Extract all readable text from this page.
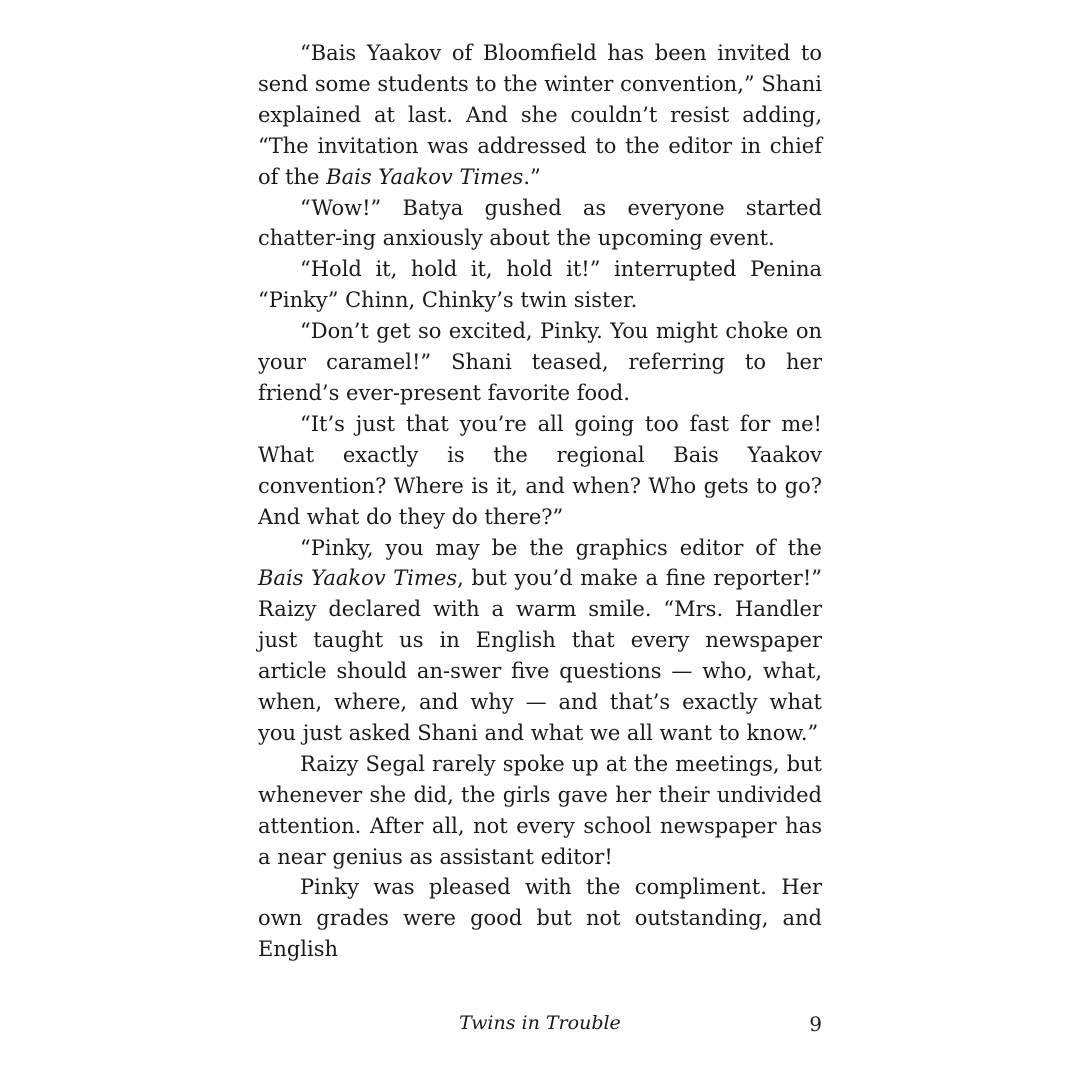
“Bais Yaakov of Bloomfield has been invited to send some students to the winter convention,” Shani explained at last. And she couldn’t resist adding, “The invitation was addressed to the editor in chief of the Bais Yaakov Times.”

“Wow!” Batya gushed as everyone started chatter-ing anxiously about the upcoming event.

“Hold it, hold it, hold it!” interrupted Penina “Pinky” Chinn, Chinky’s twin sister.

“Don’t get so excited, Pinky. You might choke on your caramel!” Shani teased, referring to her friend’s ever-present favorite food.

“It’s just that you’re all going too fast for me! What exactly is the regional Bais Yaakov convention? Where is it, and when? Who gets to go? And what do they do there?”

“Pinky, you may be the graphics editor of the Bais Yaakov Times, but you’d make a fine reporter!” Raizy declared with a warm smile. “Mrs. Handler just taught us in English that every newspaper article should an-swer five questions — who, what, when, where, and why — and that’s exactly what you just asked Shani and what we all want to know.”

Raizy Segal rarely spoke up at the meetings, but whenever she did, the girls gave her their undivided attention. After all, not every school newspaper has a near genius as assistant editor!

Pinky was pleased with the compliment. Her own grades were good but not outstanding, and English

Twins in Trouble	9
